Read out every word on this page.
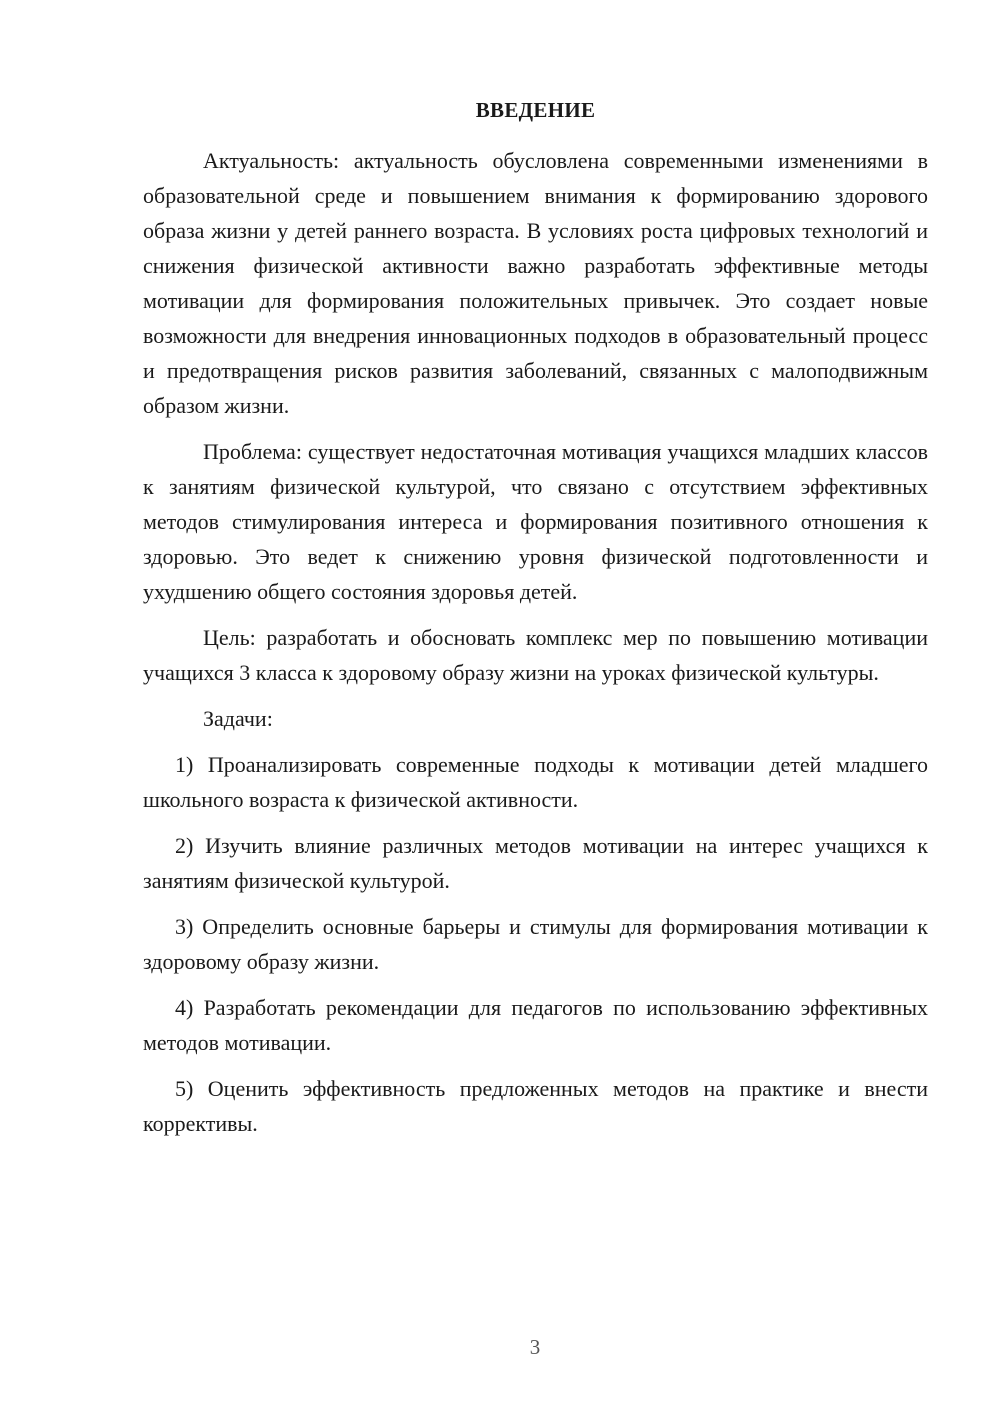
ВВЕДЕНИЕ

Актуальность: актуальность обусловлена современными изменениями в образовательной среде и повышением внимания к формированию здорового образа жизни у детей раннего возраста. В условиях роста цифровых технологий и снижения физической активности важно разработать эффективные методы мотивации для формирования положительных привычек. Это создает новые возможности для внедрения инновационных подходов в образовательный процесс и предотвращения рисков развития заболеваний, связанных с малоподвижным образом жизни.

Проблема: существует недостаточная мотивация учащихся младших классов к занятиям физической культурой, что связано с отсутствием эффективных методов стимулирования интереса и формирования позитивного отношения к здоровью. Это ведет к снижению уровня физической подготовленности и ухудшению общего состояния здоровья детей.

Цель: разработать и обосновать комплекс мер по повышению мотивации учащихся 3 класса к здоровому образу жизни на уроках физической культуры.

Задачи:

1) Проанализировать современные подходы к мотивации детей младшего школьного возраста к физической активности.

2) Изучить влияние различных методов мотивации на интерес учащихся к занятиям физической культурой.

3) Определить основные барьеры и стимулы для формирования мотивации к здоровому образу жизни.

4) Разработать рекомендации для педагогов по использованию эффективных методов мотивации.

5) Оценить эффективность предложенных методов на практике и внести коррективы.

3
